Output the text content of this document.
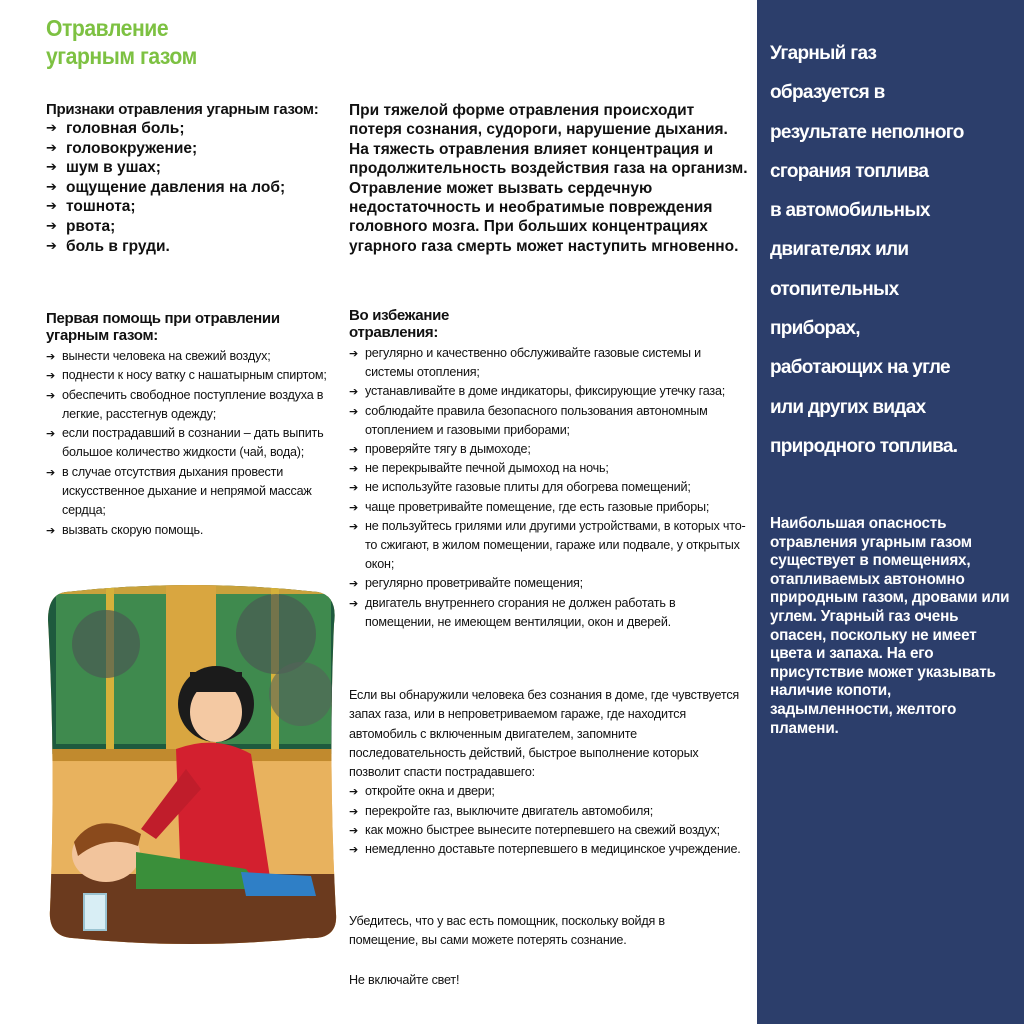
Отравление
угарным газом
Признаки отравления угарным газом:
➔ головная боль;
➔ головокружение;
➔ шум в ушах;
➔ ощущение давления на лоб;
➔ тошнота;
➔ рвота;
➔ боль в груди.
При тяжелой форме отравления происходит потеря сознания, судороги, нарушение дыхания. На тяжесть отравления влияет концентрация и продолжительность воздействия газа на организм. Отравление может вызвать сердечную недостаточность и необратимые повреждения головного мозга. При больших концентрациях угарного газа смерть может наступить мгновенно.
Первая помощь при отравлении
угарным газом:
➔ вынести человека на свежий воздух;
➔ поднести к носу ватку с нашатырным спиртом;
➔ обеспечить свободное поступление воздуха в легкие, расстегнув одежду;
➔ если пострадавший в сознании – дать выпить большое количество жидкости (чай, вода);
➔ в случае отсутствия дыхания провести искусственное дыхание и непрямой массаж сердца;
➔ вызвать скорую помощь.
Во избежание
отравления:
➔ регулярно и качественно обслуживайте газовые системы и системы отопления;
➔ устанавливайте в доме индикаторы, фиксирующие утечку газа;
➔ соблюдайте правила безопасного пользования автономным отоплением и газовыми приборами;
➔ проверяйте тягу в дымоходе;
➔ не перекрывайте печной дымоход на ночь;
➔ не используйте газовые плиты для обогрева помещений;
➔ чаще проветривайте помещение, где есть газовые приборы;
➔ не пользуйтесь грилями или другими устройствами, в которых что-то сжигают, в жилом помещении, гараже или подвале, у открытых окон;
➔ регулярно проветривайте помещения;
➔ двигатель внутреннего сгорания не должен работать в помещении, не имеющем вентиляции, окон и дверей.

Если вы обнаружили человека без сознания в доме, где чувствуется запах газа, или в непроветриваемом гараже, где находится автомобиль с включенным двигателем, запомните последовательность действий, быстрое выполнение которых позволит спасти пострадавшего:

➔ откройте окна и двери;
➔ перекройте газ, выключите двигатель автомобиля;
➔ как можно быстрее вынесите потерпевшего на свежий воздух;
➔ немедленно доставьте потерпевшего в медицинское учреждение.

Убедитесь, что у вас есть помощник, поскольку войдя в помещение, вы сами можете потерять сознание.

Не включайте свет!

Угарный газ
образуется в
результате неполного
сгорания топлива
в автомобильных
двигателях или
отопительных
приборах,
работающих на угле
или других видах
природного топлива.

Наибольшая опасность отравления угарным газом существует в помещениях, отапливаемых автономно природным газом, дровами или углем. Угарный газ очень опасен, поскольку не имеет цвета и запаха. На его присутствие может указывать наличие копоти, задымленности, желтого пламени.
